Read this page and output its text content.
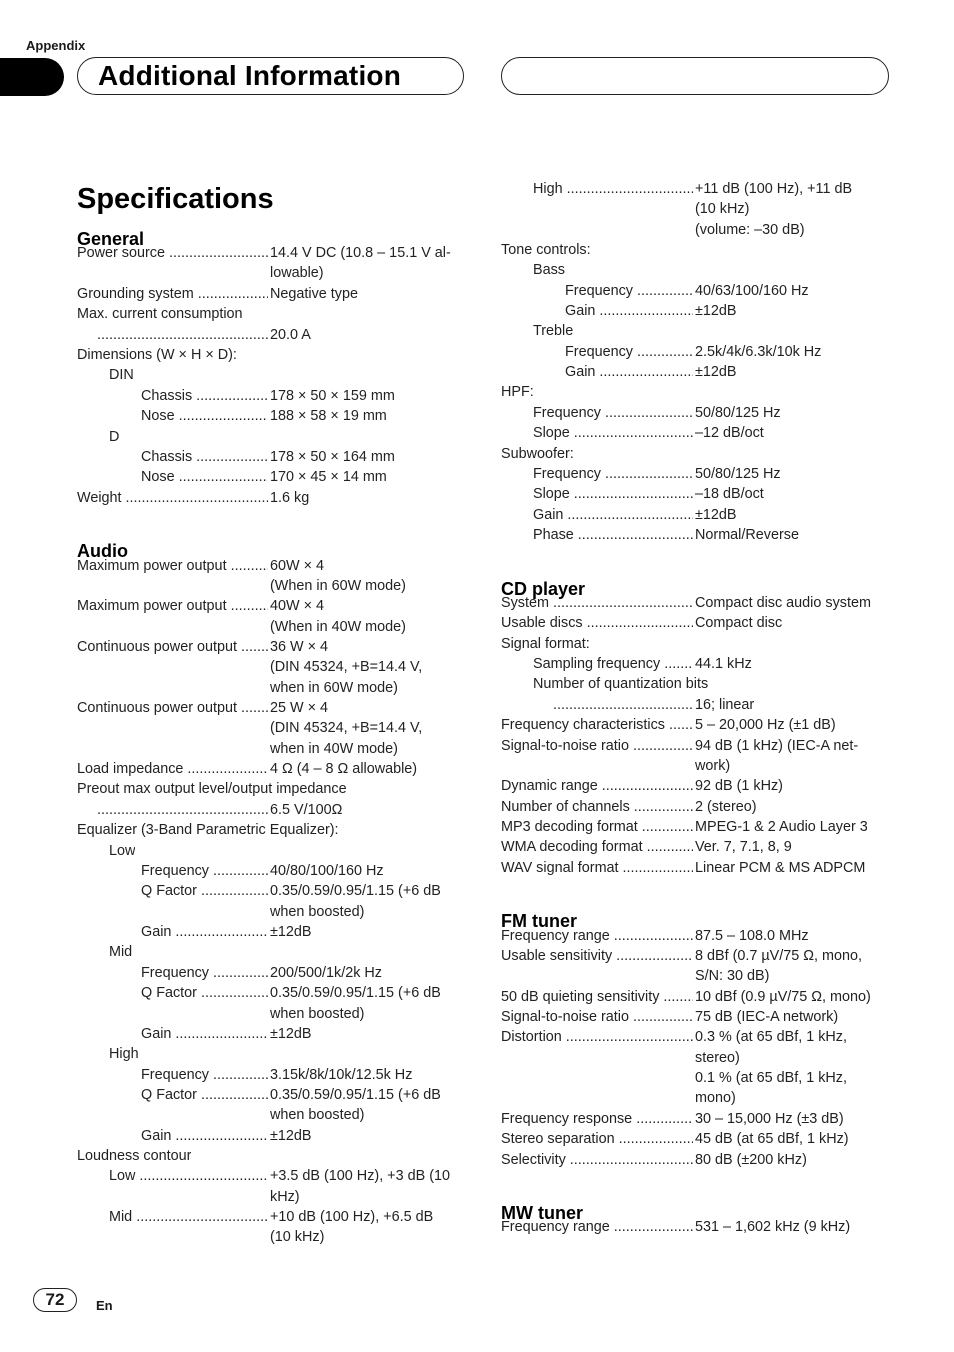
Appendix
Additional Information
Specifications
General
Power source .....	14.4 V DC (10.8 – 15.1 V al-
lowable)
Grounding system .....	Negative type
Max. current consumption
.....
20.0 A
Dimensions (W × H × D):
DIN
Chassis .....	178 × 50 × 159 mm
Nose .....	188 × 58 × 19 mm
D
Chassis .....	178 × 50 × 164 mm
Nose .....	170 × 45 × 14 mm
Weight .....	1.6 kg
Audio
Maximum power output .....	60W × 4
(When in 60W mode)
Maximum power output .....	40W × 4
(When in 40W mode)
Continuous power output .....	36 W × 4
(DIN 45324, +B=14.4 V,
when in 60W mode)
Continuous power output .....	25 W × 4
(DIN 45324, +B=14.4 V,
when in 40W mode)
Load impedance .....	4 Ω (4 – 8 Ω allowable)
Preout max output level/output impedance
.....
6.5 V/100Ω
Equalizer (3-Band Parametric Equalizer):
Low
Frequency .....	40/80/100/160 Hz
Q Factor .....	0.35/0.59/0.95/1.15 (+6 dB
when boosted)
Gain .....	±12dB
Mid
Frequency .....	200/500/1k/2k Hz
Q Factor .....	0.35/0.59/0.95/1.15 (+6 dB
when boosted)
Gain .....	±12dB
High
Frequency .....	3.15k/8k/10k/12.5k Hz
Q Factor .....	0.35/0.59/0.95/1.15 (+6 dB
when boosted)
Gain .....	±12dB
Loudness contour
Low .....	+3.5 dB (100 Hz), +3 dB (10
kHz)
Mid .....	+10 dB (100 Hz), +6.5 dB
(10 kHz)
High .....	+11 dB (100 Hz), +11 dB
(10 kHz)
(volume: –30 dB)
Tone controls:
Bass
Frequency .....	40/63/100/160 Hz
Gain .....	±12dB
Treble
Frequency .....	2.5k/4k/6.3k/10k Hz
Gain .....	±12dB
HPF:
Frequency .....	50/80/125 Hz
Slope .....	–12 dB/oct
Subwoofer:
Frequency .....	50/80/125 Hz
Slope .....	–18 dB/oct
Gain .....	±12dB
Phase .....	Normal/Reverse
CD player
System .....	Compact disc audio system
Usable discs .....	Compact disc
Signal format:
Sampling frequency .....	44.1 kHz
Number of quantization bits
.....
16; linear
Frequency characteristics .....	5 – 20,000 Hz (±1 dB)
Signal-to-noise ratio .....	94 dB (1 kHz) (IEC-A net-
work)
Dynamic range .....	92 dB (1 kHz)
Number of channels .....	2 (stereo)
MP3 decoding format .....	MPEG-1 & 2 Audio Layer 3
WMA decoding format .....	Ver. 7, 7.1, 8, 9
WAV signal format .....	Linear PCM & MS ADPCM
FM tuner
Frequency range .....	87.5 – 108.0 MHz
Usable sensitivity .....	8 dBf (0.7 µV/75 Ω, mono,
S/N: 30 dB)
50 dB quieting sensitivity .....	10 dBf (0.9 µV/75 Ω, mono)
Signal-to-noise ratio .....	75 dB (IEC-A network)
Distortion .....	0.3 % (at 65 dBf, 1 kHz,
stereo)
0.1 % (at 65 dBf, 1 kHz,
mono)
Frequency response .....	30 – 15,000 Hz (±3 dB)
Stereo separation .....	45 dB (at 65 dBf, 1 kHz)
Selectivity .....	80 dB (±200 kHz)
MW tuner
Frequency range .....	531 – 1,602 kHz (9 kHz)
72	En
